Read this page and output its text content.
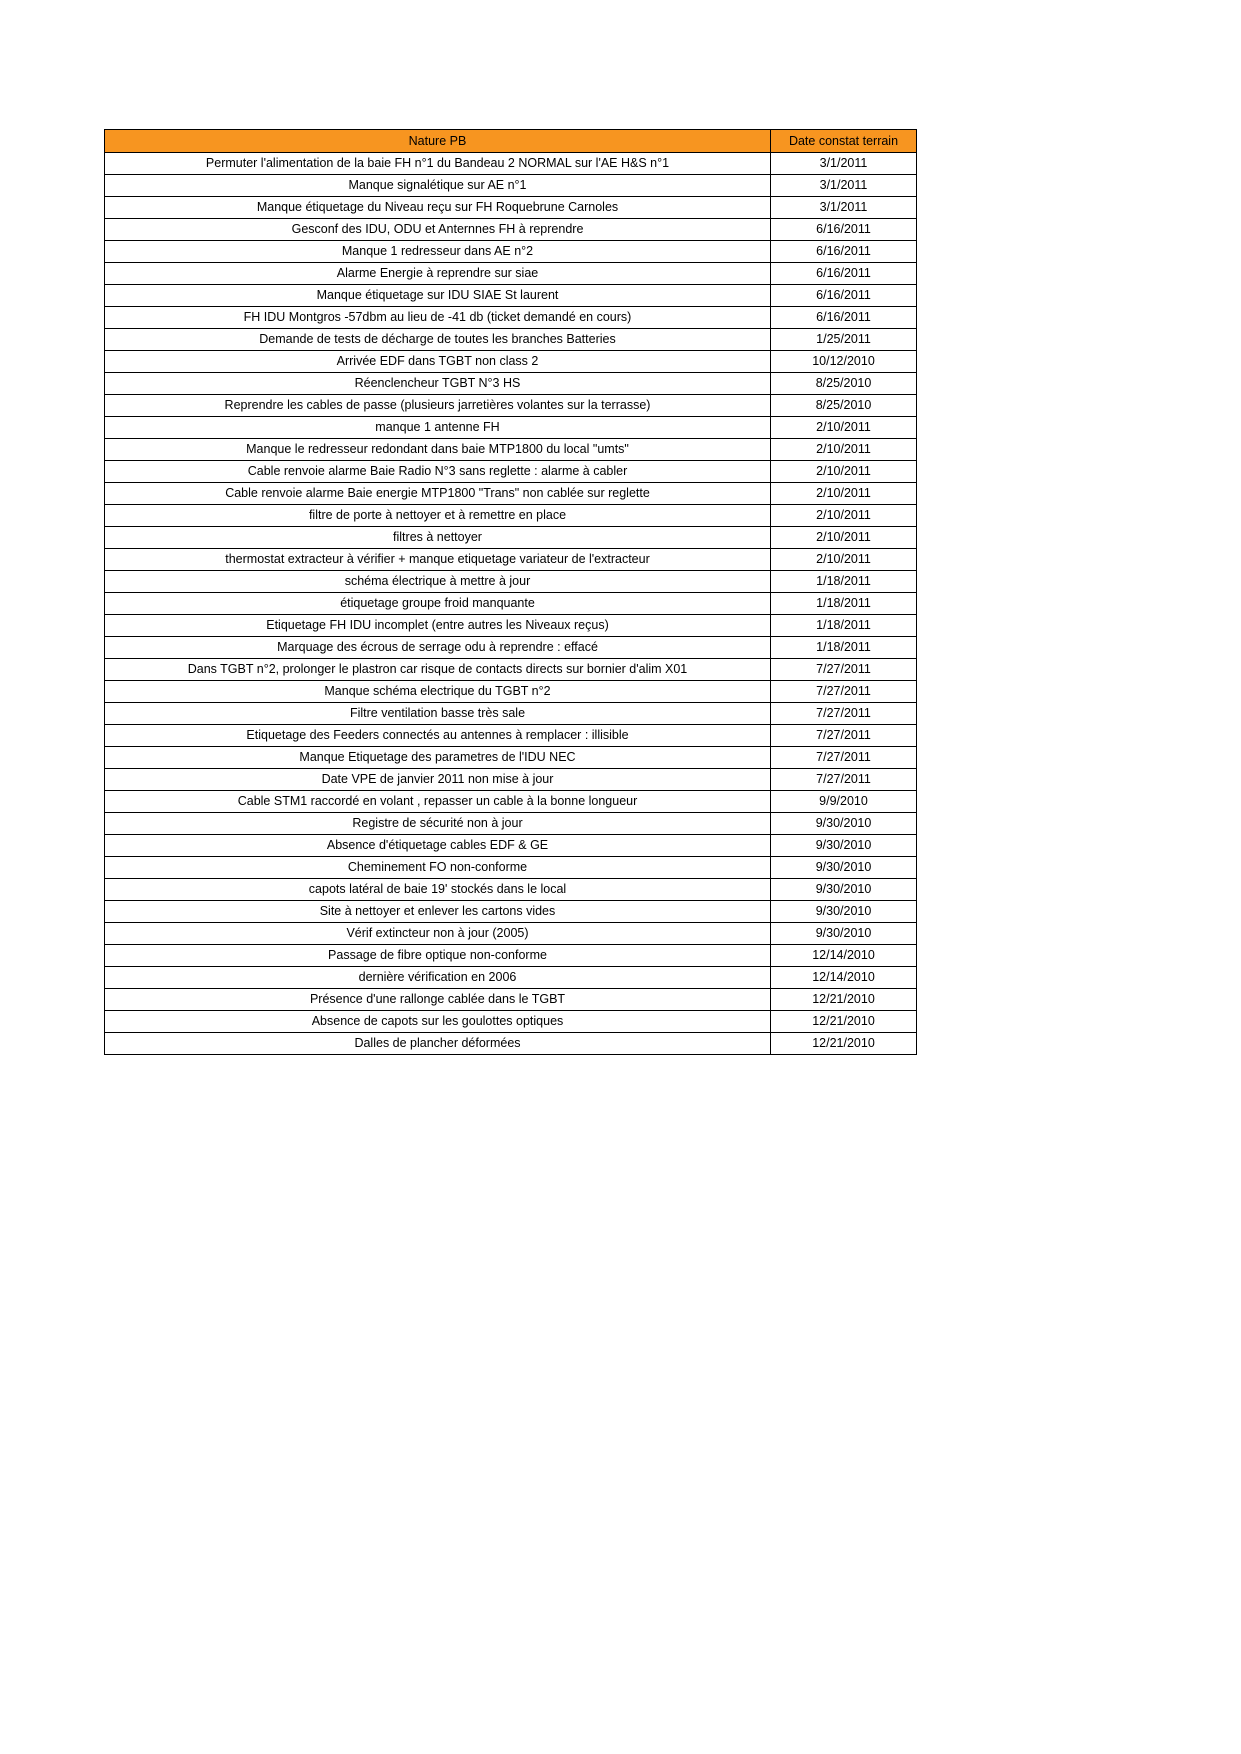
Nature PB	Date constat terrain
Permuter l'alimentation de la baie FH n°1 du Bandeau 2 NORMAL sur l'AE H&S n°1	3/1/2011
Manque signalétique sur AE n°1	3/1/2011
Manque étiquetage du Niveau reçu sur FH Roquebrune Carnoles	3/1/2011
Gesconf des IDU, ODU et Anternnes FH à reprendre	6/16/2011
Manque 1 redresseur dans AE n°2	6/16/2011
Alarme Energie à reprendre sur siae	6/16/2011
Manque étiquetage sur IDU SIAE St laurent	6/16/2011
FH IDU Montgros -57dbm au lieu de -41 db (ticket demandé en cours)	6/16/2011
Demande de tests de décharge de toutes les branches Batteries	1/25/2011
Arrivée EDF dans TGBT non class 2	10/12/2010
Réenclencheur TGBT N°3 HS	8/25/2010
Reprendre les cables de passe (plusieurs jarretières volantes sur la terrasse)	8/25/2010
manque 1 antenne FH	2/10/2011
Manque le redresseur redondant dans baie MTP1800 du local "umts"	2/10/2011
Cable renvoie alarme Baie Radio N°3 sans reglette : alarme à cabler	2/10/2011
Cable renvoie alarme Baie energie MTP1800 "Trans" non cablée sur reglette	2/10/2011
filtre de porte à nettoyer et à remettre en place	2/10/2011
filtres à nettoyer	2/10/2011
thermostat extracteur à vérifier + manque etiquetage variateur de l'extracteur	2/10/2011
schéma électrique à mettre à jour	1/18/2011
étiquetage groupe froid manquante	1/18/2011
Etiquetage FH IDU incomplet (entre autres les Niveaux reçus)	1/18/2011
Marquage des écrous de serrage odu à reprendre : effacé	1/18/2011
Dans TGBT n°2, prolonger le plastron car risque de contacts directs sur bornier d'alim X01	7/27/2011
Manque schéma electrique du TGBT n°2	7/27/2011
Filtre ventilation basse très sale	7/27/2011
Etiquetage des Feeders connectés au antennes à remplacer : illisible	7/27/2011
Manque Etiquetage des parametres de l'IDU NEC	7/27/2011
Date VPE de janvier 2011 non mise à jour	7/27/2011
Cable STM1 raccordé en volant , repasser un cable à la bonne longueur	9/9/2010
Registre de sécurité non à jour	9/30/2010
Absence d'étiquetage cables EDF & GE	9/30/2010
Cheminement FO non-conforme	9/30/2010
capots latéral de baie 19' stockés dans le local	9/30/2010
Site à nettoyer et enlever les cartons vides	9/30/2010
Vérif extincteur non à jour (2005)	9/30/2010
Passage de fibre optique non-conforme	12/14/2010
dernière vérification en 2006	12/14/2010
Présence d'une rallonge cablée dans le TGBT	12/21/2010
Absence de capots sur les goulottes optiques	12/21/2010
Dalles de plancher déformées	12/21/2010
